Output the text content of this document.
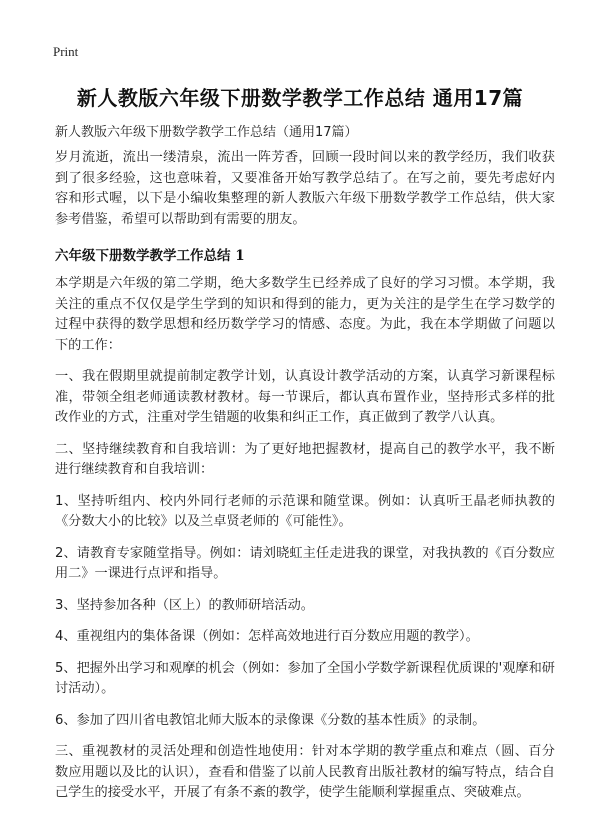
Print
新人教版六年级下册数学教学工作总结 通用17篇
新人教版六年级下册数学教学工作总结（通用17篇）

岁月流逝，流出一缕清泉，流出一阵芳香，回顾一段时间以来的教学经历，我们收获到了很多经验，这也意味着，又要准备开始写教学总结了。在写之前，要先考虑好内容和形式喔，以下是小编收集整理的新人教版六年级下册数学教学工作总结，供大家参考借鉴，希望可以帮助到有需要的朋友。

六年级下册数学教学工作总结 1

本学期是六年级的第二学期，绝大多数学生已经养成了良好的学习习惯。本学期，我关注的重点不仅仅是学生学到的知识和得到的能力，更为关注的是学生在学习数学的过程中获得的数学思想和经历数学学习的情感、态度。为此，我在本学期做了问题以下的工作：

一、我在假期里就提前制定教学计划，认真设计教学活动的方案，认真学习新课程标准，带领全组老师通读教材教材。每一节课后，都认真布置作业，坚持形式多样的批改作业的方式，注重对学生错题的收集和纠正工作，真正做到了教学八认真。

二、坚持继续教育和自我培训：为了更好地把握教材，提高自己的教学水平，我不断进行继续教育和自我培训：

1、坚持听组内、校内外同行老师的示范课和随堂课。例如：认真听王晶老师执教的《分数大小的比较》以及兰卓贤老师的《可能性》。

2、请教育专家随堂指导。例如：请刘晓虹主任走进我的课堂，对我执教的《百分数应用二》一课进行点评和指导。

3、坚持参加各种（区上）的教师研培活动。

4、重视组内的集体备课（例如：怎样高效地进行百分数应用题的教学）。

5、把握外出学习和观摩的机会（例如：参加了全国小学数学新课程优质课的'观摩和研讨活动）。

6、参加了四川省电教馆北师大版本的录像课《分数的基本性质》的录制。

三、重视教材的灵活处理和创造性地使用：针对本学期的教学重点和难点（圆、百分数应用题以及比的认识），查看和借鉴了以前人民教育出版社教材的编写特点，结合自己学生的接受水平，开展了有条不紊的教学，使学生能顺利掌握重点、突破难点。
